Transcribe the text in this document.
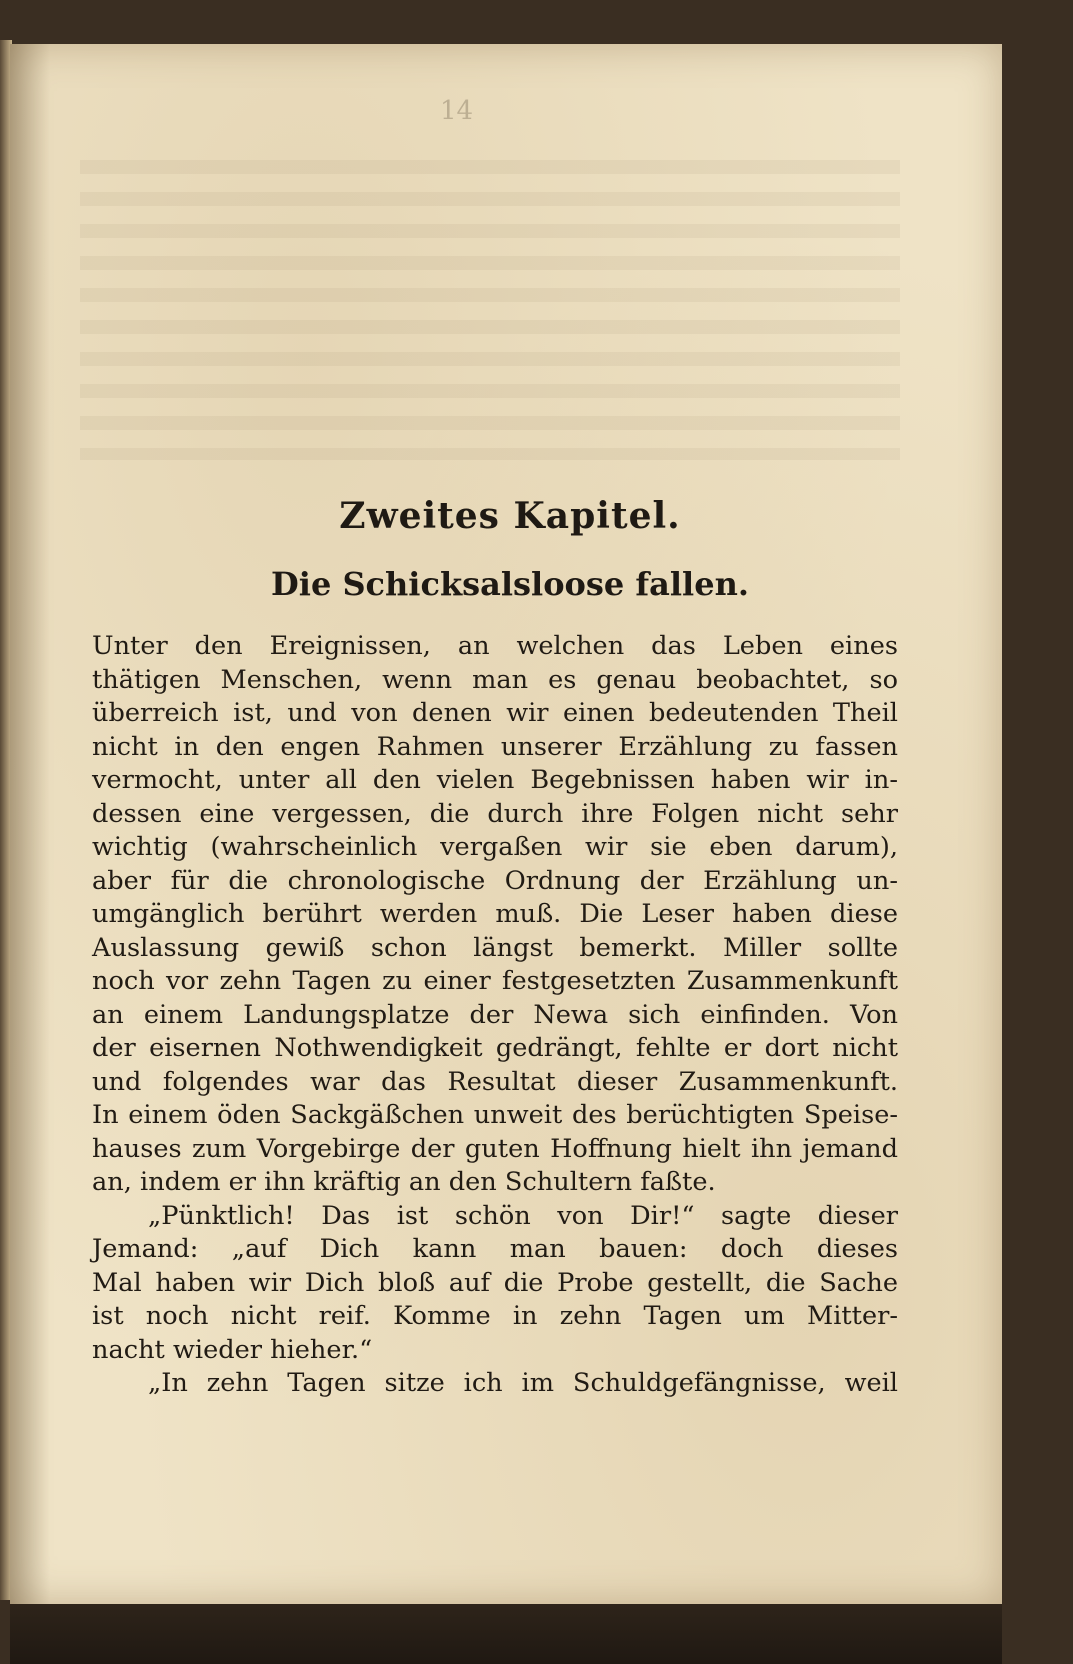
14
Zweites Kapitel.
Die Schicksalsloose fallen.
Unter den Ereignissen, an welchen das Leben eines
thätigen Menschen, wenn man es genau beobachtet, so
überreich ist, und von denen wir einen bedeutenden Theil
nicht in den engen Rahmen unserer Erzählung zu fassen
vermocht, unter all den vielen Begebnissen haben wir in-
dessen eine vergessen, die durch ihre Folgen nicht sehr
wichtig (wahrscheinlich vergaßen wir sie eben darum),
aber für die chronologische Ordnung der Erzählung un-
umgänglich berührt werden muß. Die Leser haben diese
Auslassung gewiß schon längst bemerkt. Miller sollte
noch vor zehn Tagen zu einer festgesetzten Zusammenkunft
an einem Landungsplatze der Newa sich einfinden. Von
der eisernen Nothwendigkeit gedrängt, fehlte er dort nicht
und folgendes war das Resultat dieser Zusammenkunft.
In einem öden Sackgäßchen unweit des berüchtigten Speise-
hauses zum Vorgebirge der guten Hoffnung hielt ihn jemand
an, indem er ihn kräftig an den Schultern faßte.
„Pünktlich! Das ist schön von Dir!“ sagte dieser
Jemand: „auf Dich kann man bauen: doch dieses
Mal haben wir Dich bloß auf die Probe gestellt, die Sache
ist noch nicht reif. Komme in zehn Tagen um Mitter-
nacht wieder hieher.“
„In zehn Tagen sitze ich im Schuldgefängnisse, weil
